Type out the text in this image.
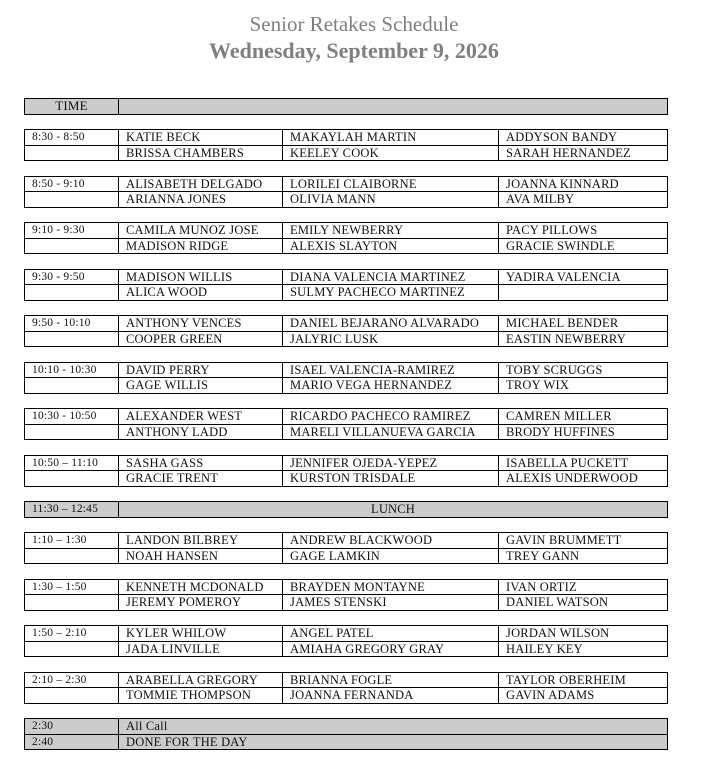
Senior Retakes Schedule
Wednesday, September 9, 2026
TIME			

8:30 - 8:50	KATIE BECK	MAKAYLAH MARTIN	ADDYSON BANDY
	BRISSA CHAMBERS	KEELEY COOK	SARAH HERNANDEZ

8:50 - 9:10	ALISABETH DELGADO	LORILEI CLAIBORNE	JOANNA KINNARD
	ARIANNA JONES	OLIVIA MANN	AVA MILBY

9:10 - 9:30	CAMILA MUNOZ JOSE	EMILY NEWBERRY	PACY PILLOWS
	MADISON RIDGE	ALEXIS SLAYTON	GRACIE SWINDLE

9:30 - 9:50	MADISON WILLIS	DIANA VALENCIA MARTINEZ	YADIRA VALENCIA
	ALICA WOOD	SULMY PACHECO MARTINEZ	

9:50 - 10:10	ANTHONY VENCES	DANIEL BEJARANO ALVARADO	MICHAEL BENDER
	COOPER GREEN	JALYRIC LUSK	EASTIN NEWBERRY

10:10 - 10:30	DAVID PERRY	ISAEL VALENCIA-RAMIREZ	TOBY SCRUGGS
	GAGE WILLIS	MARIO VEGA HERNANDEZ	TROY WIX

10:30 - 10:50	ALEXANDER WEST	RICARDO PACHECO RAMIREZ	CAMREN MILLER
	ANTHONY LADD	MARELI VILLANUEVA GARCIA	BRODY HUFFINES

10:50 – 11:10	SASHA GASS	JENNIFER OJEDA-YEPEZ	ISABELLA PUCKETT
	GRACIE TRENT	KURSTON TRISDALE	ALEXIS UNDERWOOD

11:30 – 12:45	LUNCH		

1:10 – 1:30	LANDON BILBREY	ANDREW BLACKWOOD	GAVIN BRUMMETT
	NOAH HANSEN	GAGE LAMKIN	TREY GANN

1:30 – 1:50	KENNETH MCDONALD	BRAYDEN MONTAYNE	IVAN ORTIZ
	JEREMY POMEROY	JAMES STENSKI	DANIEL WATSON

1:50 – 2:10	KYLER WHILOW	ANGEL PATEL	JORDAN WILSON
	JADA LINVILLE	AMIAHA GREGORY GRAY	HAILEY KEY

2:10 – 2:30	ARABELLA GREGORY	BRIANNA FOGLE	TAYLOR OBERHEIM
	TOMMIE THOMPSON	JOANNA FERNANDA	GAVIN ADAMS

2:30	All Call		
2:40	DONE FOR THE DAY		
